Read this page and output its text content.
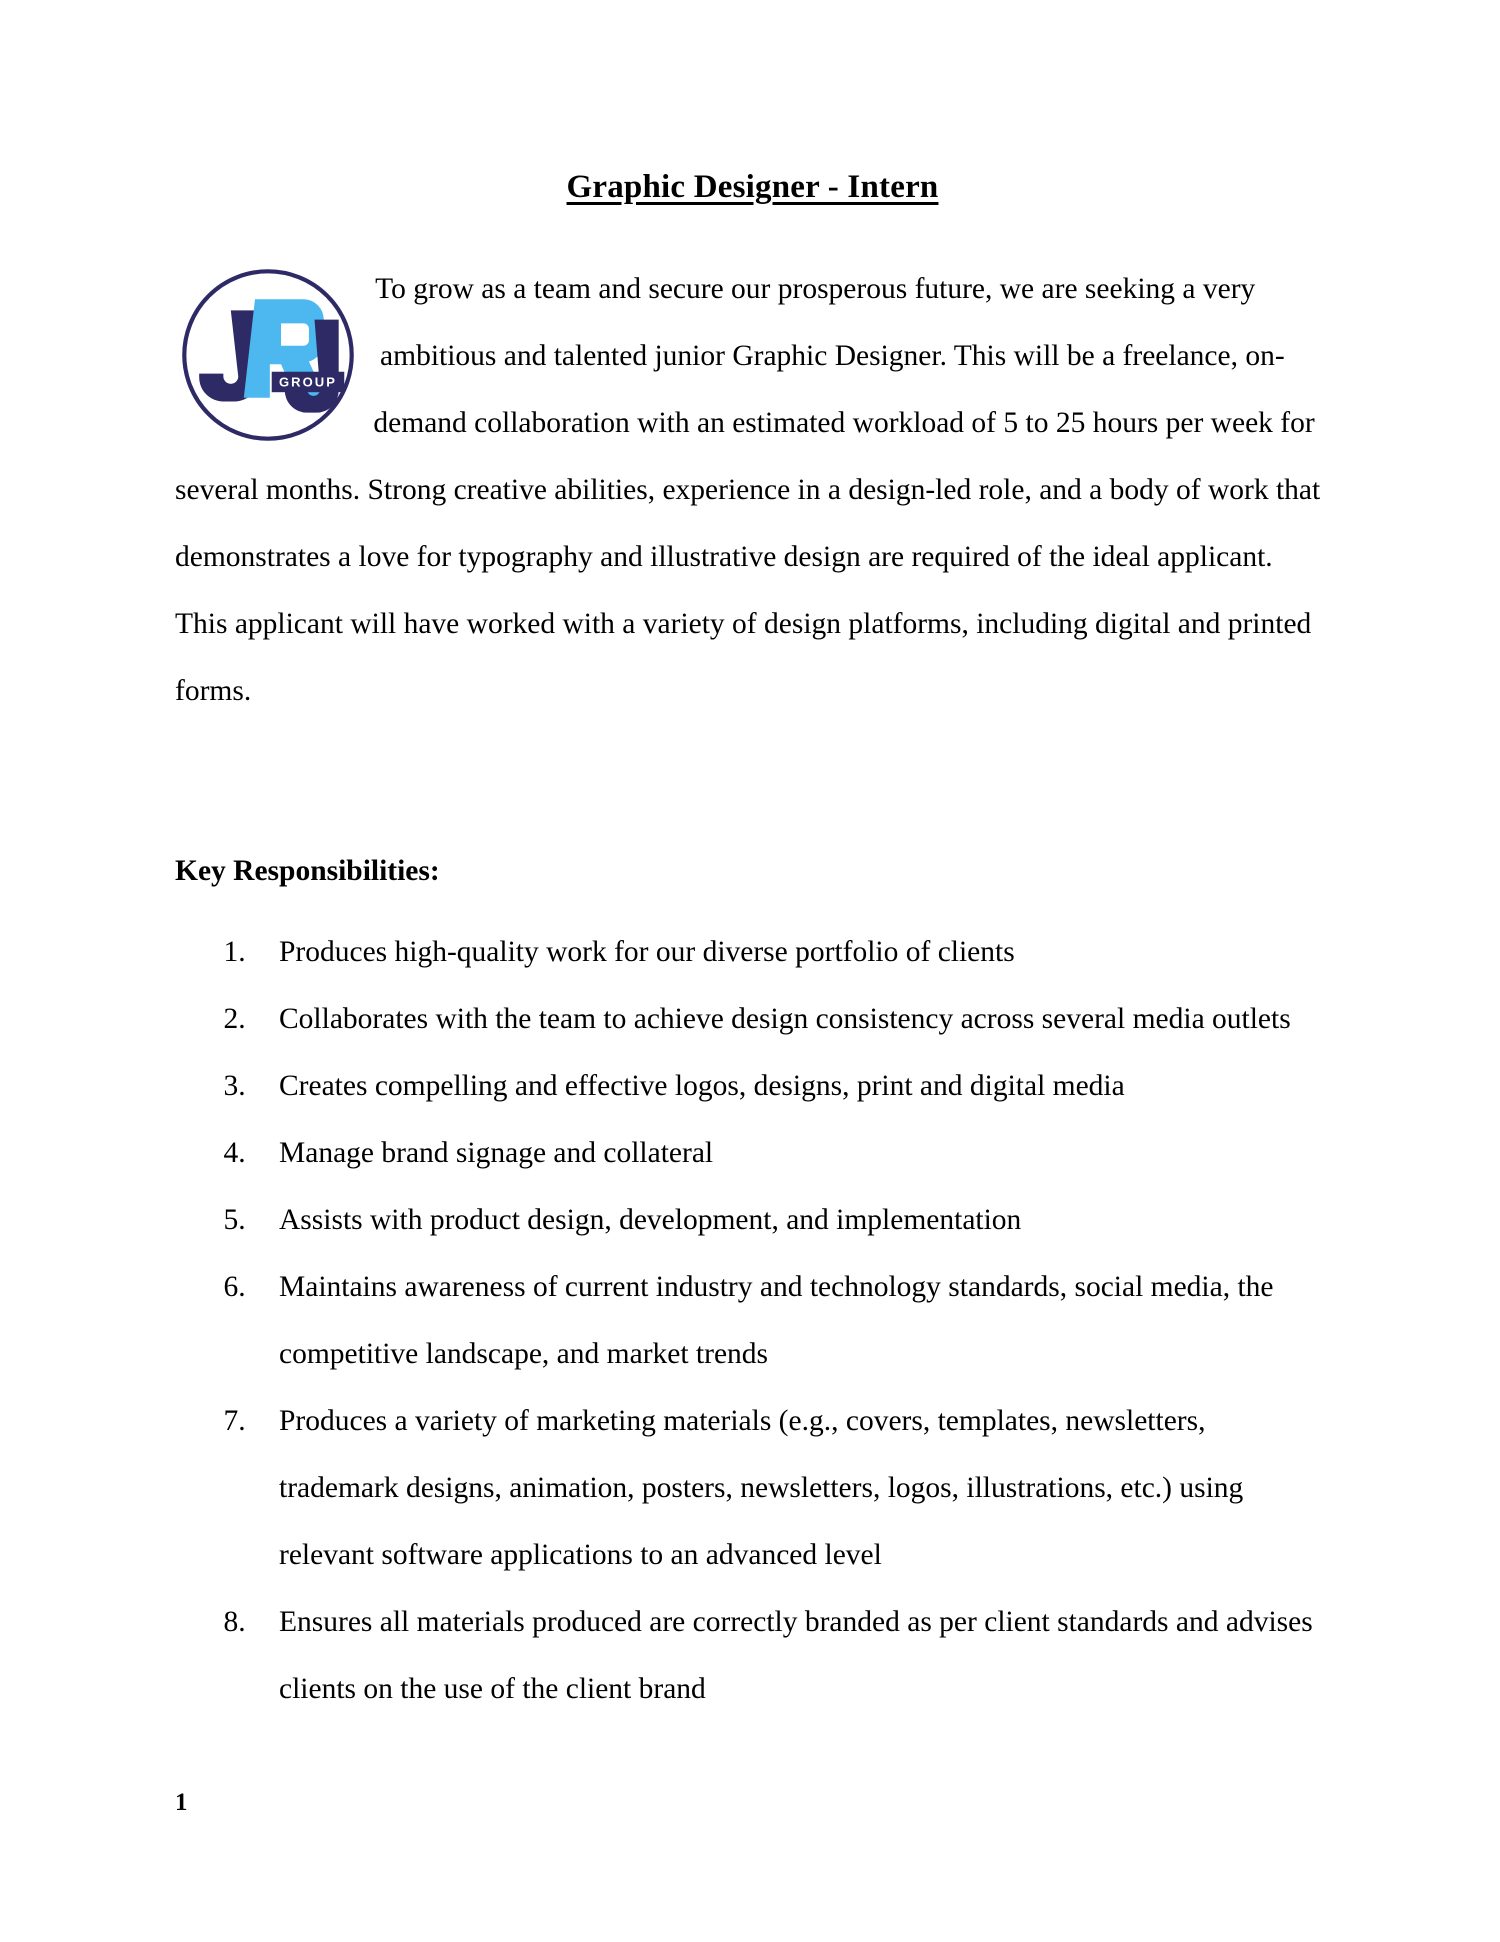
Graphic Designer - Intern
GROUP

To grow as a team and secure our prosperous future, we are seeking a very ambitious and talented junior Graphic Designer. This will be a freelance, on-demand collaboration with an estimated workload of 5 to 25 hours per week for several months. Strong creative abilities, experience in a design-led role, and a body of work that demonstrates a love for typography and illustrative design are required of the ideal applicant. This applicant will have worked with a variety of design platforms, including digital and printed forms.

Key Responsibilities:
1. Produces high-quality work for our diverse portfolio of clients
2. Collaborates with the team to achieve design consistency across several media outlets
3. Creates compelling and effective logos, designs, print and digital media
4. Manage brand signage and collateral
5. Assists with product design, development, and implementation
6. Maintains awareness of current industry and technology standards, social media, the competitive landscape, and market trends
7. Produces a variety of marketing materials (e.g., covers, templates, newsletters, trademark designs, animation, posters, newsletters, logos, illustrations, etc.) using relevant software applications to an advanced level
8. Ensures all materials produced are correctly branded as per client standards and advises clients on the use of the client brand
1
